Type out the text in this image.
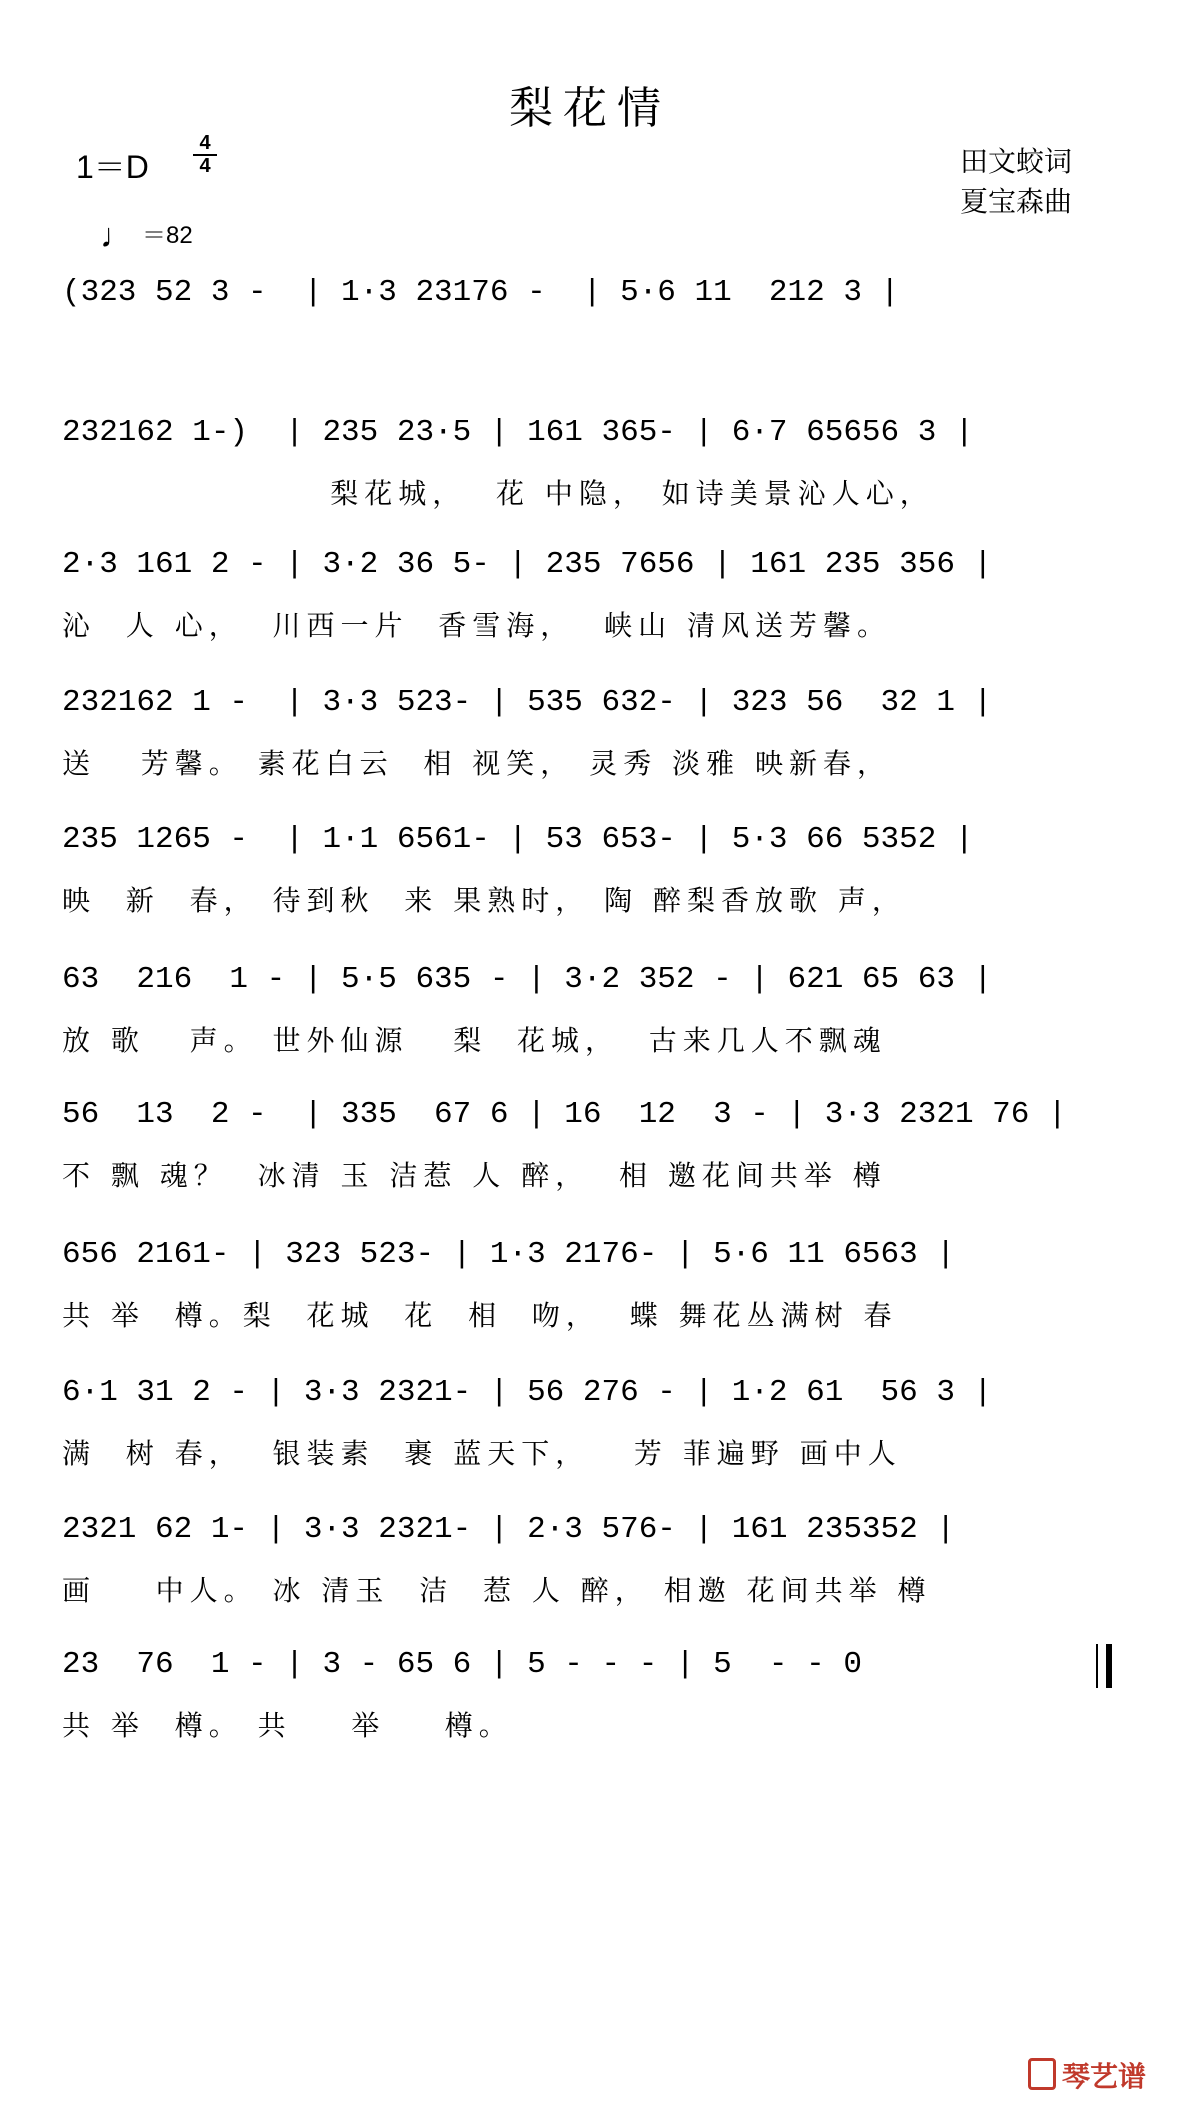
梨花情
1＝D
4
4	田文蛟词
夏宝森曲
♩ ＝82
(323 52 3 -  | 1·3 23176 -  | 5·6 11  212 3 |
232162 1-)  | 235 23·5 | 161 365- | 6·7 65656 3 |
梨花城，  花 中隐， 如诗美景沁人心，
2·3 161 2 - | 3·2 36 5- | 235 7656 | 161 235 356 |
沁  人 心，  川西一片  香雪海，  峡山 清风送芳馨。
232162 1 -  | 3·3 523- | 535 632- | 323 56  32 1 |
送   芳馨。 素花白云  相 视笑， 灵秀 淡雅 映新春，
235 1265 -  | 1·1 6561- | 53 653- | 5·3 66 5352 |
映  新  春， 待到秋  来 果熟时， 陶 醉梨香放歌 声，
63  216  1 - | 5·5 635 - | 3·2 352 - | 621 65 63 |
放 歌   声。 世外仙源   梨  花城，  古来几人不飘魂
56  13  2 -  | 335  67 6 | 16  12  3 - | 3·3 2321 76 |
不 飘 魂？  冰清 玉 洁惹 人 醉，  相 邀花间共举 樽
656 2161- | 323 523- | 1·3 2176- | 5·6 11 6563 |
共 举  樽。梨  花城  花  相  吻，  蝶 舞花丛满树 春
6·1 31 2 - | 3·3 2321- | 56 276 - | 1·2 61  56 3 |
满  树 春，  银装素  裹 蓝天下，   芳 菲遍野 画中人
2321 62 1- | 3·3 2321- | 2·3 576- | 161 235352 |
画    中人。 冰 清玉  洁  惹 人 醉， 相邀 花间共举 樽
23  76  1 - | 3 - 65 6 | 5 - - - | 5  - - 0
共 举  樽。 共    举    樽。
琴艺谱
